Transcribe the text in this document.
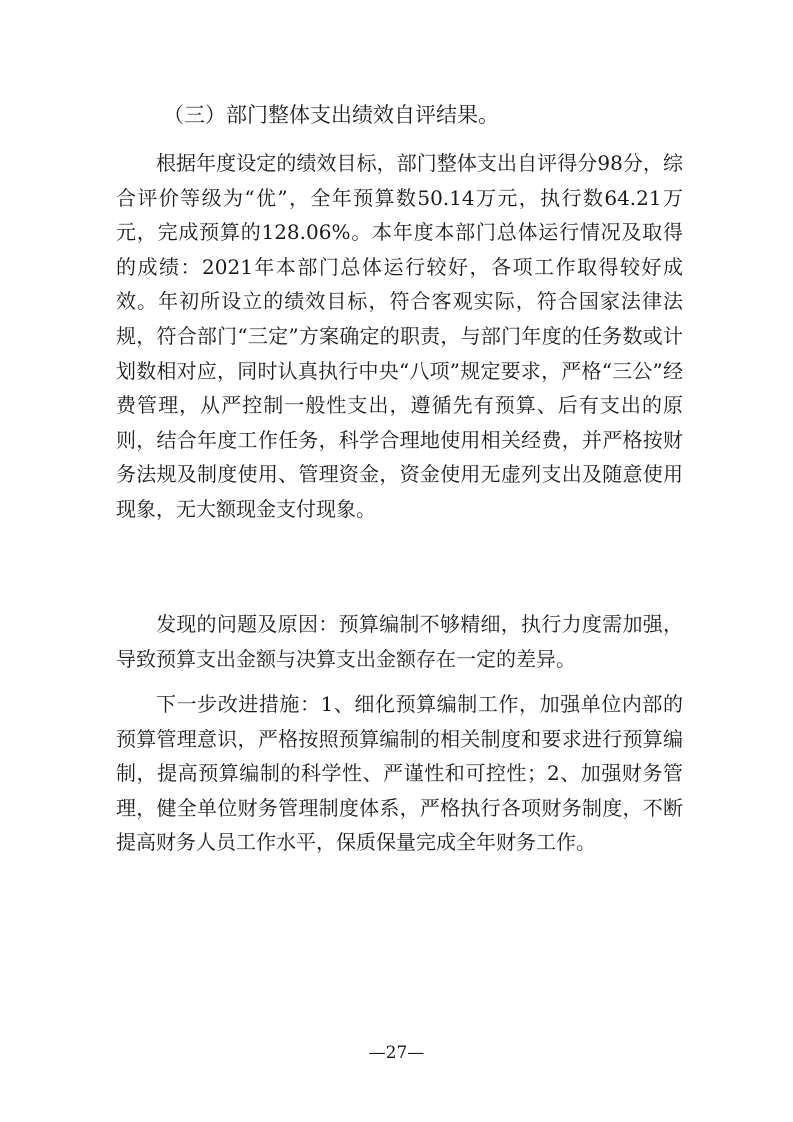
（三）部门整体支出绩效自评结果。

根据年度设定的绩效目标，部门整体支出自评得分98分，综合评价等级为“优”，全年预算数50.14万元，执行数64.21万元，完成预算的128.06%。本年度本部门总体运行情况及取得的成绩：2021年本部门总体运行较好，各项工作取得较好成效。年初所设立的绩效目标，符合客观实际，符合国家法律法规，符合部门“三定”方案确定的职责，与部门年度的任务数或计划数相对应，同时认真执行中央“八项”规定要求，严格“三公”经费管理，从严控制一般性支出，遵循先有预算、后有支出的原则，结合年度工作任务，科学合理地使用相关经费，并严格按财务法规及制度使用、管理资金，资金使用无虚列支出及随意使用现象，无大额现金支付现象。

发现的问题及原因：预算编制不够精细，执行力度需加强，导致预算支出金额与决算支出金额存在一定的差异。

下一步改进措施：1、细化预算编制工作，加强单位内部的预算管理意识，严格按照预算编制的相关制度和要求进行预算编制，提高预算编制的科学性、严谨性和可控性；2、加强财务管理，健全单位财务管理制度体系，严格执行各项财务制度，不断提高财务人员工作水平，保质保量完成全年财务工作。

—27—
